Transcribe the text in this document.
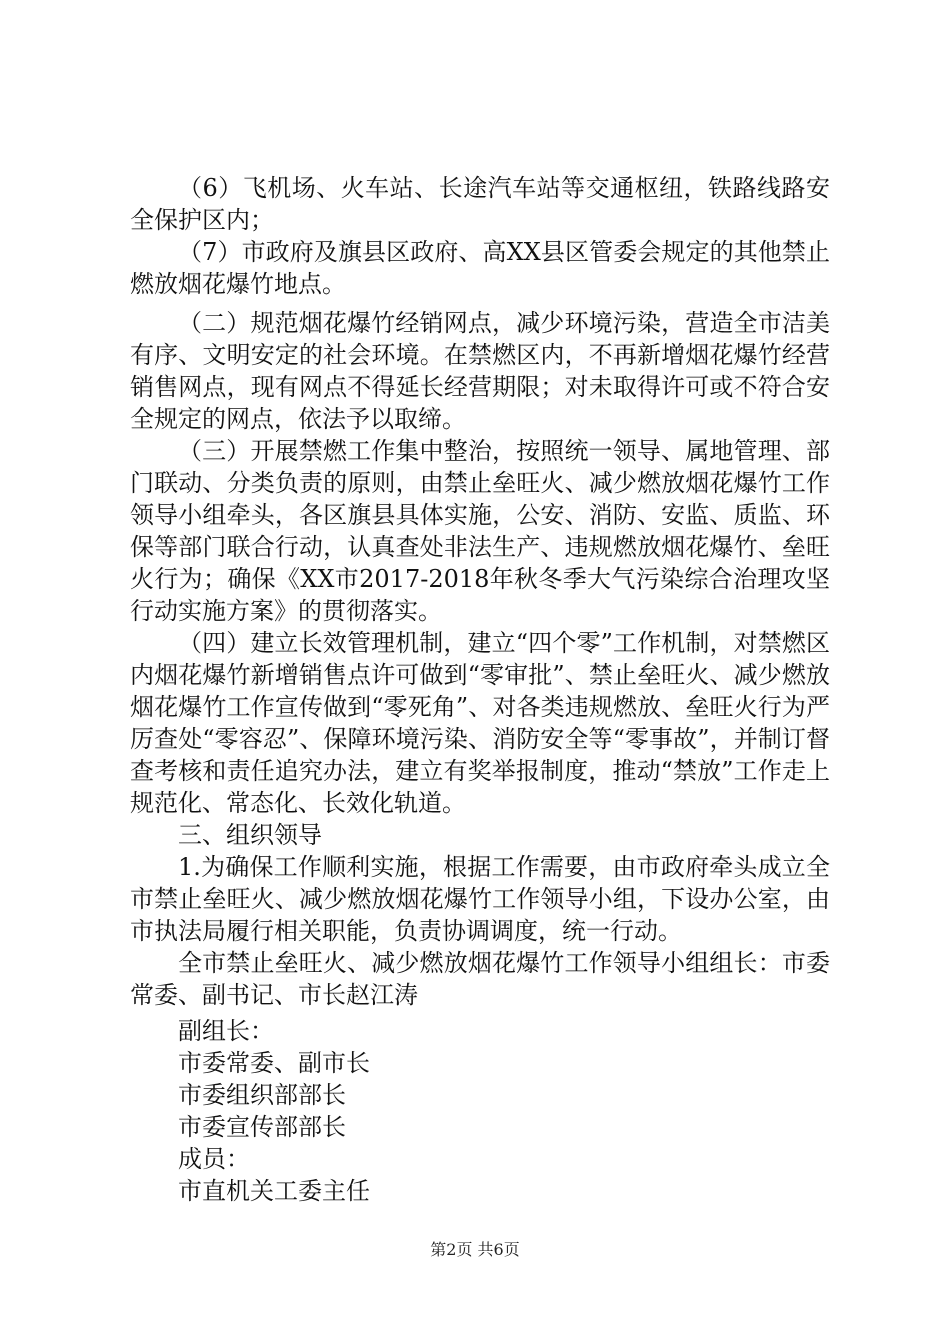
（6）飞机场、火车站、长途汽车站等交通枢纽，铁路线路安全保护区内；

（7）市政府及旗县区政府、高XX县区管委会规定的其他禁止燃放烟花爆竹地点。

（二）规范烟花爆竹经销网点，减少环境污染，营造全市洁美有序、文明安定的社会环境。在禁燃区内，不再新增烟花爆竹经营销售网点，现有网点不得延长经营期限；对未取得许可或不符合安全规定的网点，依法予以取缔。

（三）开展禁燃工作集中整治，按照统一领导、属地管理、部门联动、分类负责的原则，由禁止垒旺火、减少燃放烟花爆竹工作领导小组牵头，各区旗县具体实施，公安、消防、安监、质监、环保等部门联合行动，认真查处非法生产、违规燃放烟花爆竹、垒旺火行为；确保《XX市2017-2018年秋冬季大气污染综合治理攻坚行动实施方案》的贯彻落实。

（四）建立长效管理机制，建立“四个零”工作机制，对禁燃区内烟花爆竹新增销售点许可做到“零审批”、禁止垒旺火、减少燃放烟花爆竹工作宣传做到“零死角”、对各类违规燃放、垒旺火行为严厉查处“零容忍”、保障环境污染、消防安全等“零事故”，并制订督查考核和责任追究办法，建立有奖举报制度，推动“禁放”工作走上规范化、常态化、长效化轨道。

三、组织领导

1.为确保工作顺利实施，根据工作需要，由市政府牵头成立全市禁止垒旺火、减少燃放烟花爆竹工作领导小组，下设办公室，由市执法局履行相关职能，负责协调调度，统一行动。

全市禁止垒旺火、减少燃放烟花爆竹工作领导小组组长：市委常委、副书记、市长赵江涛

副组长：

市委常委、副市长

市委组织部部长

市委宣传部部长

成员：

市直机关工委主任

第2页 共6页
